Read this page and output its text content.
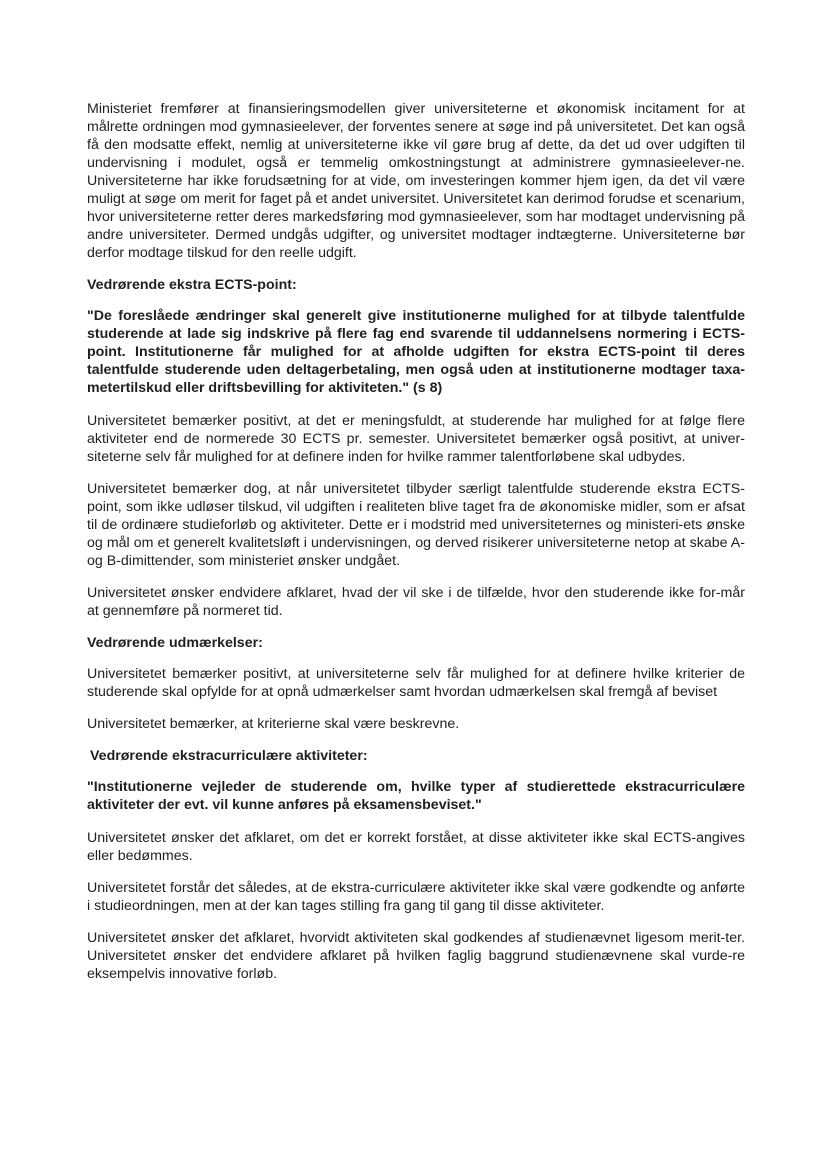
Ministeriet fremfører at finansieringsmodellen giver universiteterne et økonomisk incitament for at målrette ordningen mod gymnasieelever, der forventes senere at søge ind på universitetet. Det kan også få den modsatte effekt, nemlig at universiteterne ikke vil gøre brug af dette, da det ud over udgiften til undervisning i modulet, også er temmelig omkostningstungt at administrere gymnasieelever-ne. Universiteterne har ikke forudsætning for at vide, om investeringen kommer hjem igen, da det vil være muligt at søge om merit for faget på et andet universitet. Universitetet kan derimod forudse et scenarium, hvor universiteterne retter deres markedsføring mod gymnasieelever, som har modtaget undervisning på andre universiteter. Dermed undgås udgifter, og universitet modtager indtægterne. Universiteterne bør derfor modtage tilskud for den reelle udgift.

Vedrørende ekstra ECTS-point:

"De foreslåede ændringer skal generelt give institutionerne mulighed for at tilbyde talentfulde studerende at lade sig indskrive på flere fag end svarende til uddannelsens normering i ECTS-point. Institutionerne får mulighed for at afholde udgiften for ekstra ECTS-point til deres talentfulde studerende uden deltagerbetaling, men også uden at institutionerne modtager taxa-metertilskud eller driftsbevilling for aktiviteten." (s 8)

Universitetet bemærker positivt, at det er meningsfuldt, at studerende har mulighed for at følge flere aktiviteter end de normerede 30 ECTS pr. semester. Universitetet bemærker også positivt, at univer-siteterne selv får mulighed for at definere inden for hvilke rammer talentforløbene skal udbydes.

Universitetet bemærker dog, at når universitetet tilbyder særligt talentfulde studerende ekstra ECTS-point, som ikke udløser tilskud, vil udgiften i realiteten blive taget fra de økonomiske midler, som er afsat til de ordinære studieforløb og aktiviteter. Dette er i modstrid med universiteternes og ministeri-ets ønske og mål om et generelt kvalitetsløft i undervisningen, og derved risikerer universiteterne netop at skabe A- og B-dimittender, som ministeriet ønsker undgået.

Universitetet ønsker endvidere afklaret, hvad der vil ske i de tilfælde, hvor den studerende ikke for-mår at gennemføre på normeret tid.

Vedrørende udmærkelser:

Universitetet bemærker positivt, at universiteterne selv får mulighed for at definere hvilke kriterier de studerende skal opfylde for at opnå udmærkelser samt hvordan udmærkelsen skal fremgå af beviset

Universitetet bemærker, at kriterierne skal være beskrevne.

Vedrørende ekstracurriculære aktiviteter:

"Institutionerne vejleder de studerende om, hvilke typer af studierettede ekstracurriculære aktiviteter der evt. vil kunne anføres på eksamensbeviset."

Universitetet ønsker det afklaret, om det er korrekt forstået, at disse aktiviteter ikke skal ECTS-angives eller bedømmes.

Universitetet forstår det således, at de ekstra-curriculære aktiviteter ikke skal være godkendte og anførte i studieordningen, men at der kan tages stilling fra gang til gang til disse aktiviteter.

Universitetet ønsker det afklaret, hvorvidt aktiviteten skal godkendes af studienævnet ligesom merit-ter. Universitetet ønsker det endvidere afklaret på hvilken faglig baggrund studienævnene skal vurde-re eksempelvis innovative forløb.
